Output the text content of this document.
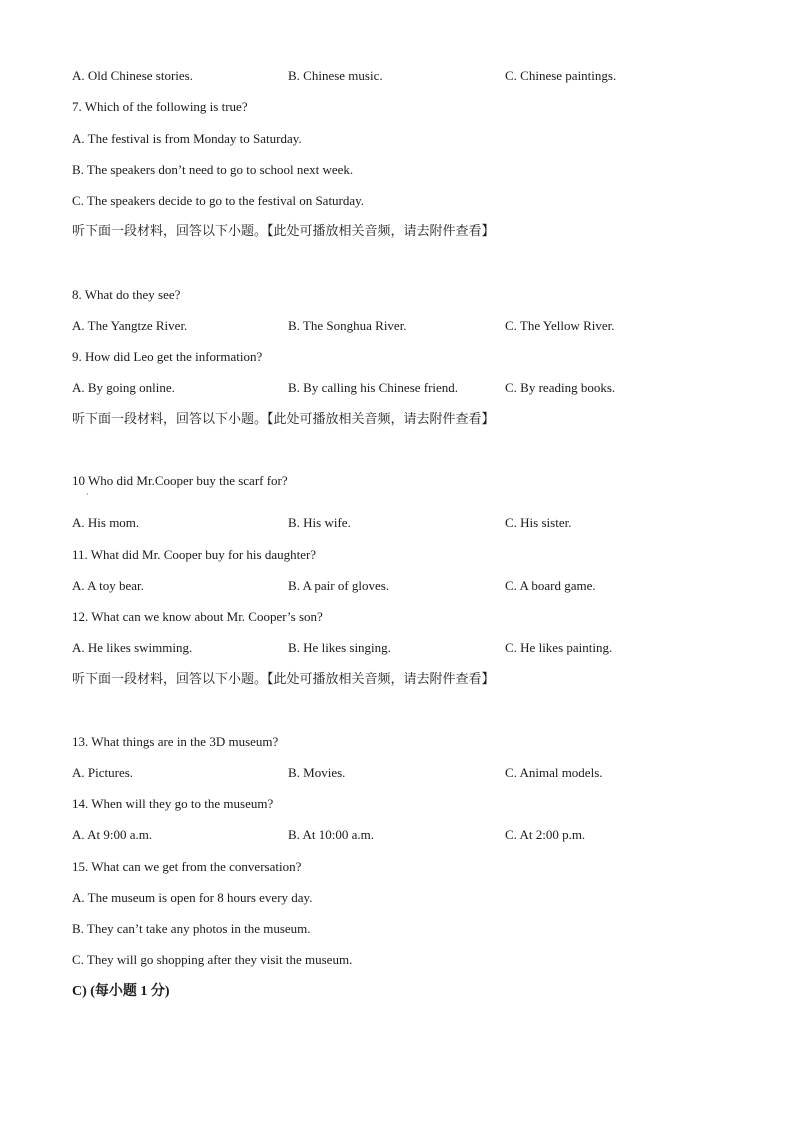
A. Old Chinese stories.	B. Chinese music.	C. Chinese paintings.
7. Which of the following is true?
A. The festival is from Monday to Saturday.
B. The speakers don’t need to go to school next week.
C. The speakers decide to go to the festival on Saturday.
听下面一段材料，回答以下小题。【此处可播放相关音频，请去附件查看】
8. What do they see?
A. The Yangtze River.	B. The Songhua River.	C. The Yellow River.
9. How did Leo get the information?
A. By going online.	B. By calling his Chinese friend.	C. By reading books.
听下面一段材料，回答以下小题。【此处可播放相关音频，请去附件查看】
10 Who did Mr.Cooper buy the scarf for?
·
A. His mom.	B. His wife.	C. His sister.
11. What did Mr. Cooper buy for his daughter?
A. A toy bear.	B. A pair of gloves.	C. A board game.
12. What can we know about Mr. Cooper’s son?
A. He likes swimming.	B. He likes singing.	C. He likes painting.
听下面一段材料，回答以下小题。【此处可播放相关音频，请去附件查看】
13. What things are in the 3D museum?
A. Pictures.	B. Movies.	C. Animal models.
14. When will they go to the museum?
A. At 9:00 a.m.	B. At 10:00 a.m.	C. At 2:00 p.m.
15. What can we get from the conversation?
A. The museum is open for 8 hours every day.
B. They can’t take any photos in the museum.
C. They will go shopping after they visit the museum.
C) (每小题 1 分)
